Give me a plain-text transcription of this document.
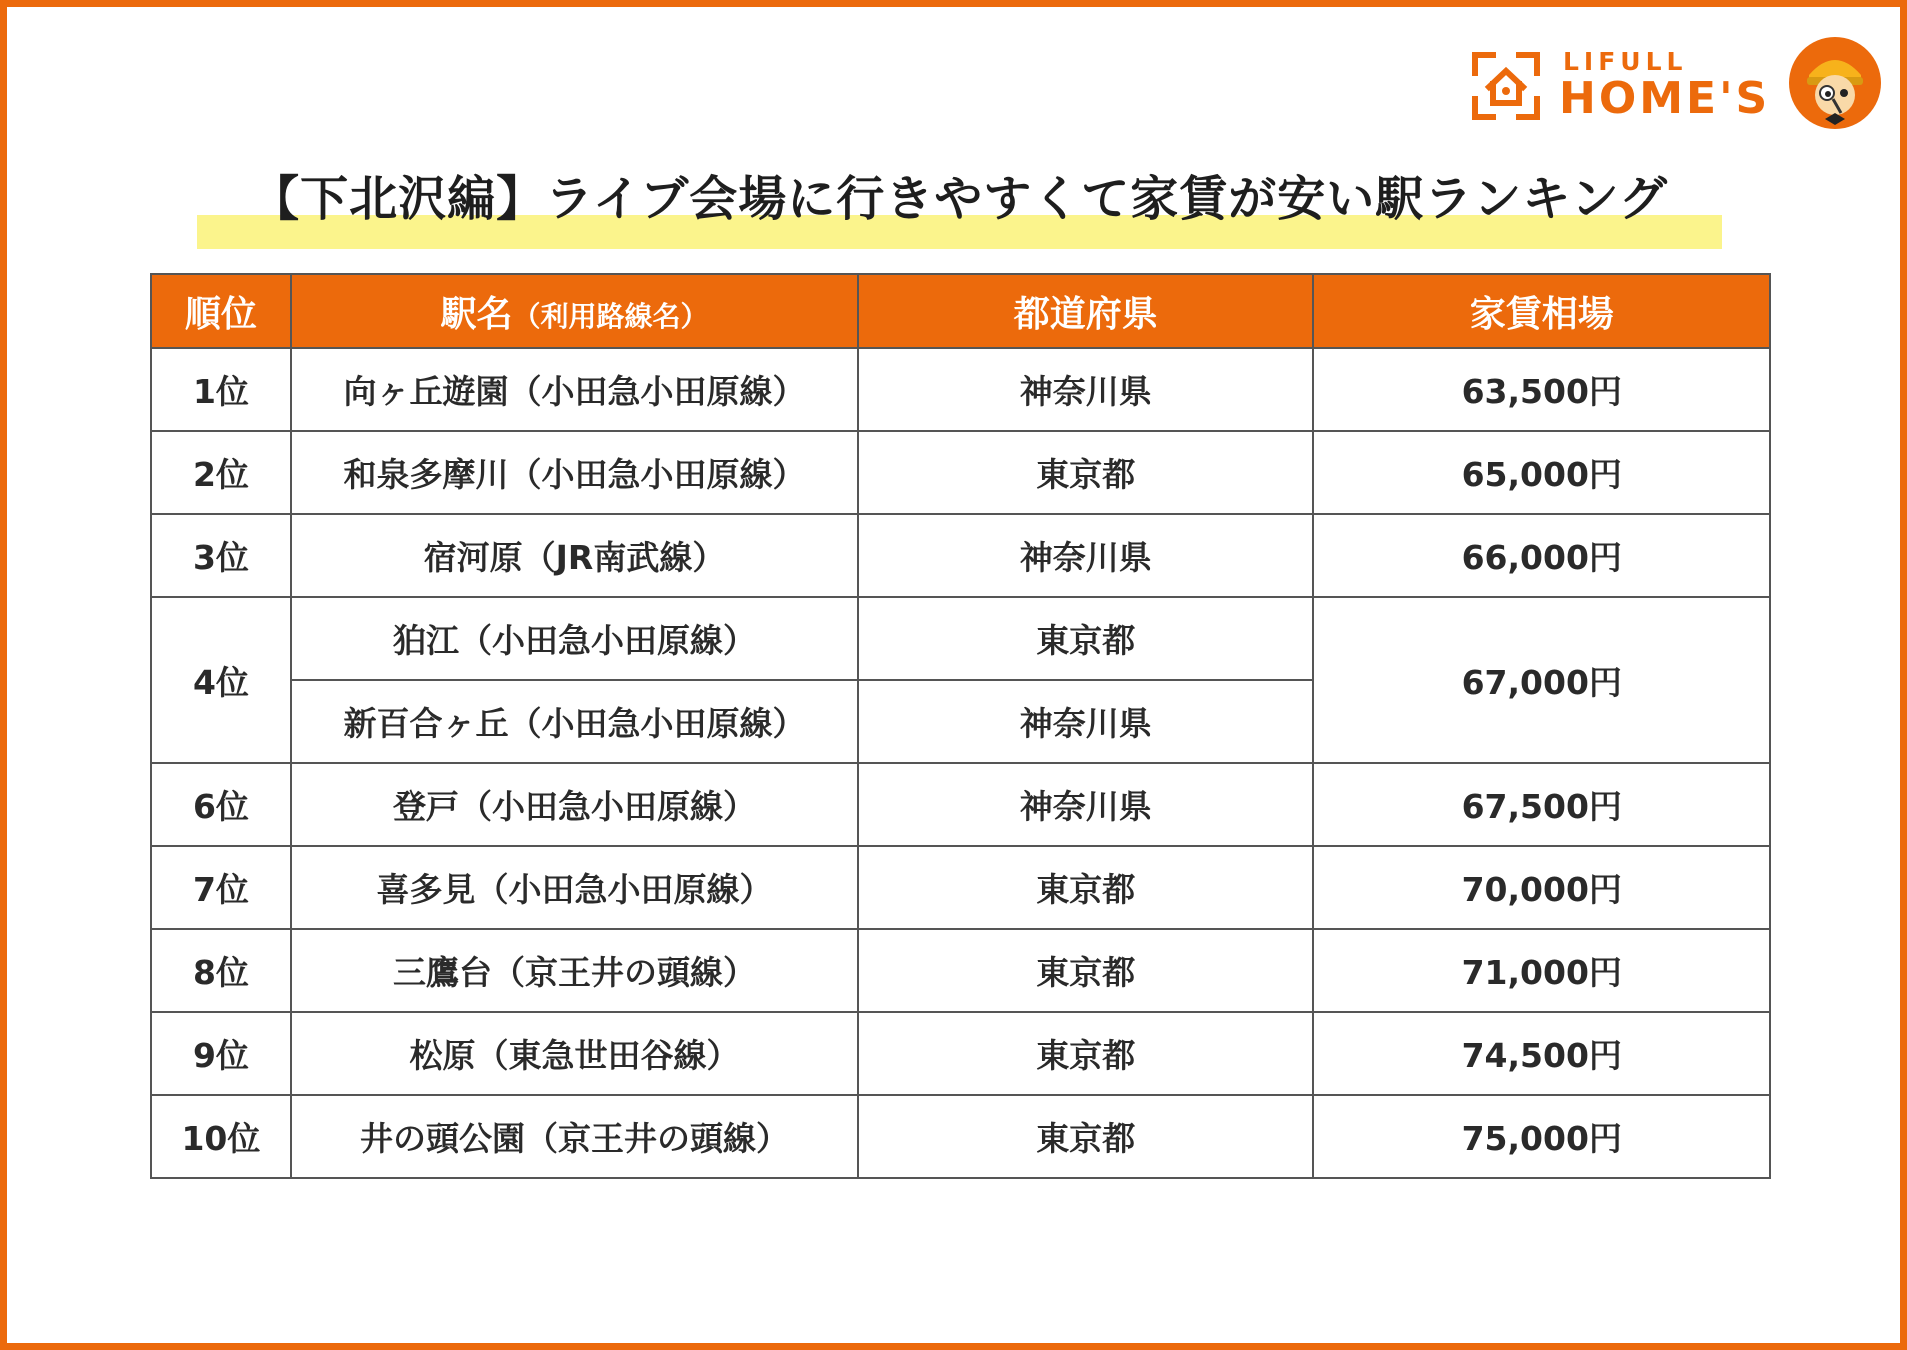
LIFULL
HOME'S
【下北沢編】ライブ会場に行きやすくて家賃が安い駅ランキング
順位	駅名（利用路線名）	都道府県	家賃相場
1位	向ヶ丘遊園（小田急小田原線）	神奈川県	63,500円
2位	和泉多摩川（小田急小田原線）	東京都	65,000円
3位	宿河原（JR南武線）	神奈川県	66,000円
4位	狛江（小田急小田原線）	東京都	67,000円
	新百合ヶ丘（小田急小田原線）	神奈川県	
6位	登戸（小田急小田原線）	神奈川県	67,500円
7位	喜多見（小田急小田原線）	東京都	70,000円
8位	三鷹台（京王井の頭線）	東京都	71,000円
9位	松原（東急世田谷線）	東京都	74,500円
10位	井の頭公園（京王井の頭線）	東京都	75,000円
